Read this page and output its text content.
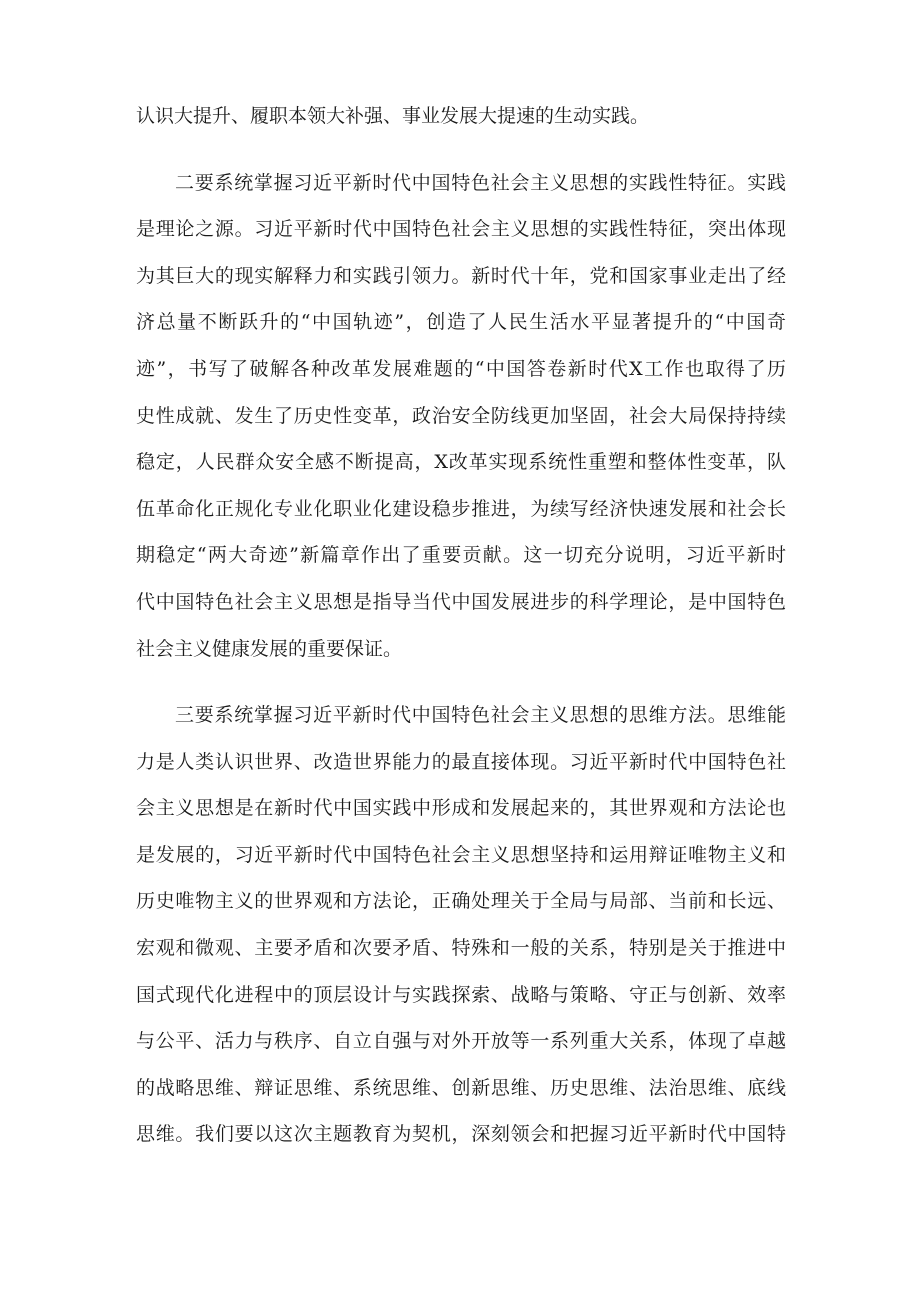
认识大提升、履职本领大补强、事业发展大提速的生动实践。
二要系统掌握习近平新时代中国特色社会主义思想的实践性特征。实践
是理论之源。习近平新时代中国特色社会主义思想的实践性特征，突出体现
为其巨大的现实解释力和实践引领力。新时代十年，党和国家事业走出了经
济总量不断跃升的“中国轨迹”，创造了人民生活水平显著提升的“中国奇
迹”，书写了破解各种改革发展难题的“中国答卷新时代X工作也取得了历
史性成就、发生了历史性变革，政治安全防线更加坚固，社会大局保持持续
稳定，人民群众安全感不断提高，X改革实现系统性重塑和整体性变革，队
伍革命化正规化专业化职业化建设稳步推进，为续写经济快速发展和社会长
期稳定“两大奇迹”新篇章作出了重要贡献。这一切充分说明，习近平新时
代中国特色社会主义思想是指导当代中国发展进步的科学理论，是中国特色
社会主义健康发展的重要保证。
三要系统掌握习近平新时代中国特色社会主义思想的思维方法。思维能
力是人类认识世界、改造世界能力的最直接体现。习近平新时代中国特色社
会主义思想是在新时代中国实践中形成和发展起来的，其世界观和方法论也
是发展的，习近平新时代中国特色社会主义思想坚持和运用辩证唯物主义和
历史唯物主义的世界观和方法论，正确处理关于全局与局部、当前和长远、
宏观和微观、主要矛盾和次要矛盾、特殊和一般的关系，特别是关于推进中
国式现代化进程中的顶层设计与实践探索、战略与策略、守正与创新、效率
与公平、活力与秩序、自立自强与对外开放等一系列重大关系，体现了卓越
的战略思维、辩证思维、系统思维、创新思维、历史思维、法治思维、底线
思维。我们要以这次主题教育为契机，深刻领会和把握习近平新时代中国特
